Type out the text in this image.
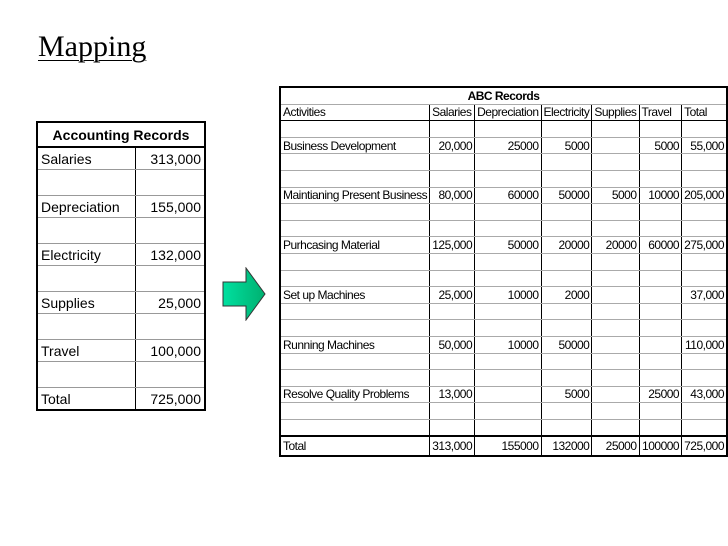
Mapping
Accounting Records	
Salaries	313,000

Depreciation	155,000

Electricity	132,000

Supplies	25,000

Travel	100,000

Total	725,000
ABC Records						
Activities	Salaries	Depreciation	Electricity	Supplies	Travel	Total

Business Development	20,000	25000	5000		5000	55,000

Maintianing Present Business	80,000	60000	50000	5000	10000	205,000

Purhcasing Material	125,000	50000	20000	20000	60000	275,000

Set up Machines	25,000	10000	2000			37,000

Running Machines	50,000	10000	50000			110,000

Resolve Quality Problems	13,000		5000		25000	43,000

Total	313,000	155000	132000	25000	100000	725,000
